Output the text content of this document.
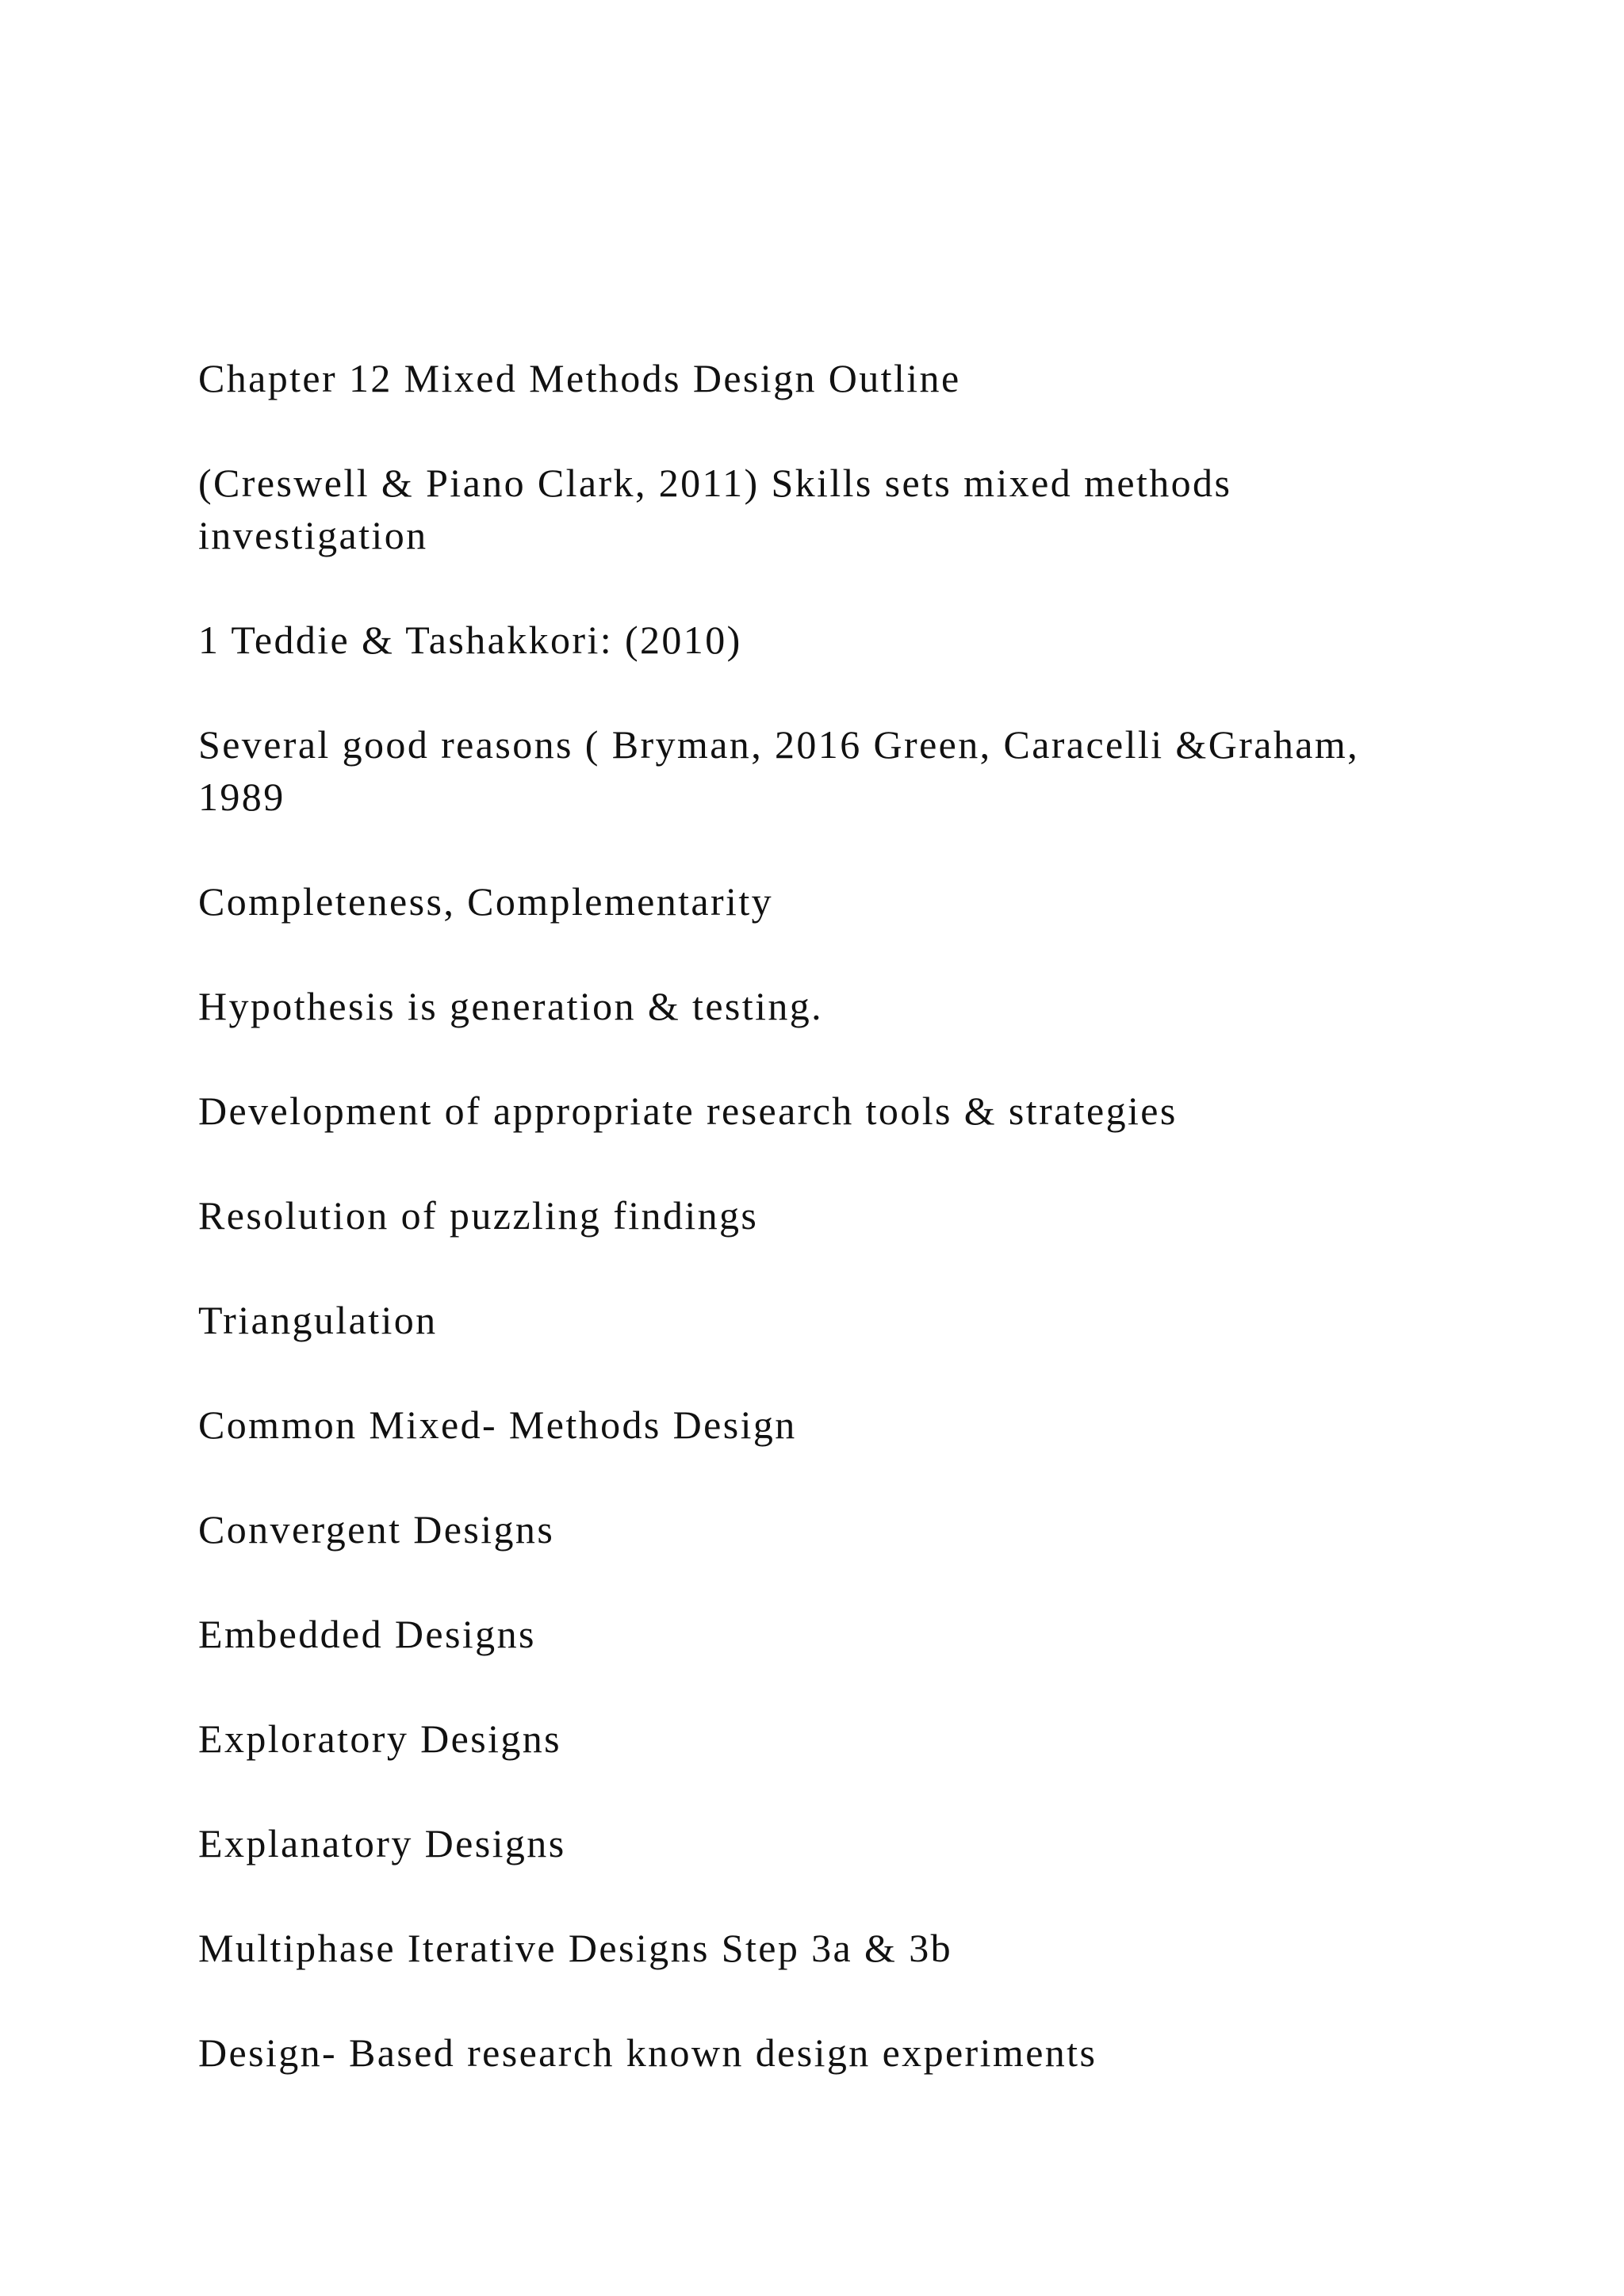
Chapter 12 Mixed Methods Design Outline

(Creswell & Piano Clark, 2011) Skills sets mixed methods investigation

1 Teddie & Tashakkori: (2010)

Several good reasons ( Bryman, 2016 Green, Caracelli &Graham, 1989

Completeness, Complementarity

Hypothesis is generation & testing.

Development of appropriate research tools & strategies

Resolution of puzzling findings

Triangulation

Common Mixed- Methods Design

Convergent Designs

Embedded Designs

Exploratory Designs

Explanatory Designs

Multiphase Iterative Designs Step 3a & 3b

Design- Based research known design experiments
